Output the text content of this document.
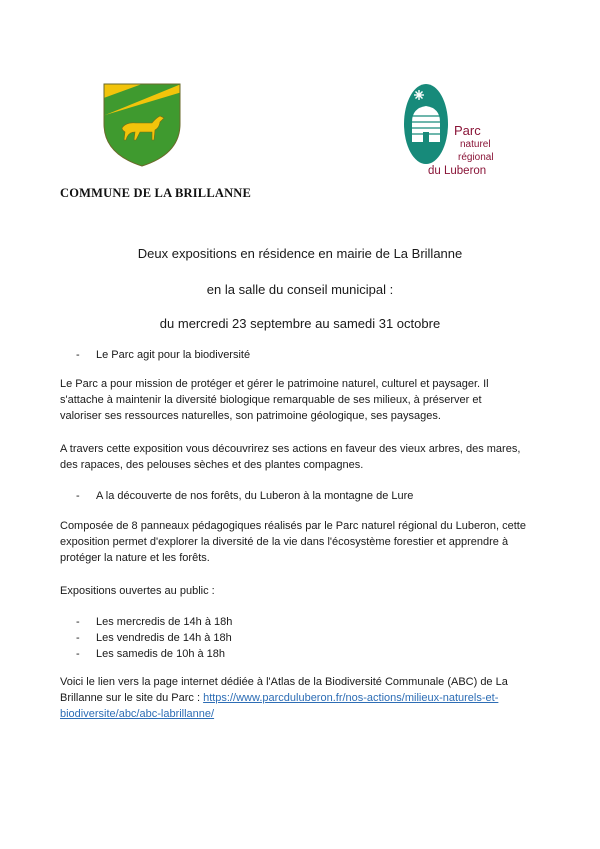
Parc
naturel
régional
du Luberon
COMMUNE DE LA BRILLANNE
Deux expositions en résidence en mairie de La Brillanne
en la salle du conseil municipal :
du mercredi 23 septembre au samedi 31 octobre
- Le Parc agit pour la biodiversité
Le Parc a pour mission de protéger et gérer le patrimoine naturel, culturel et paysager. Il
s'attache à maintenir la diversité biologique remarquable de ses milieux, à préserver et
valoriser ses ressources naturelles, son patrimoine géologique, ses paysages.
A travers cette exposition vous découvrirez ses actions en faveur des vieux arbres, des mares,
des rapaces, des pelouses sèches et des plantes compagnes.
- A la découverte de nos forêts, du Luberon à la montagne de Lure
Composée de 8 panneaux pédagogiques réalisés par le Parc naturel régional du Luberon, cette
exposition permet d'explorer la diversité de la vie dans l'écosystème forestier et apprendre à
protéger la nature et les forêts.
Expositions ouvertes au public :
- Les mercredis de 14h à 18h
- Les vendredis de 14h à 18h
- Les samedis de 10h à 18h
Voici le lien vers la page internet dédiée à l'Atlas de la Biodiversité Communale (ABC) de La
Brillanne sur le site du Parc : https://www.parcduluberon.fr/nos-actions/milieux-naturels-et-
biodiversite/abc/abc-labrillanne/
